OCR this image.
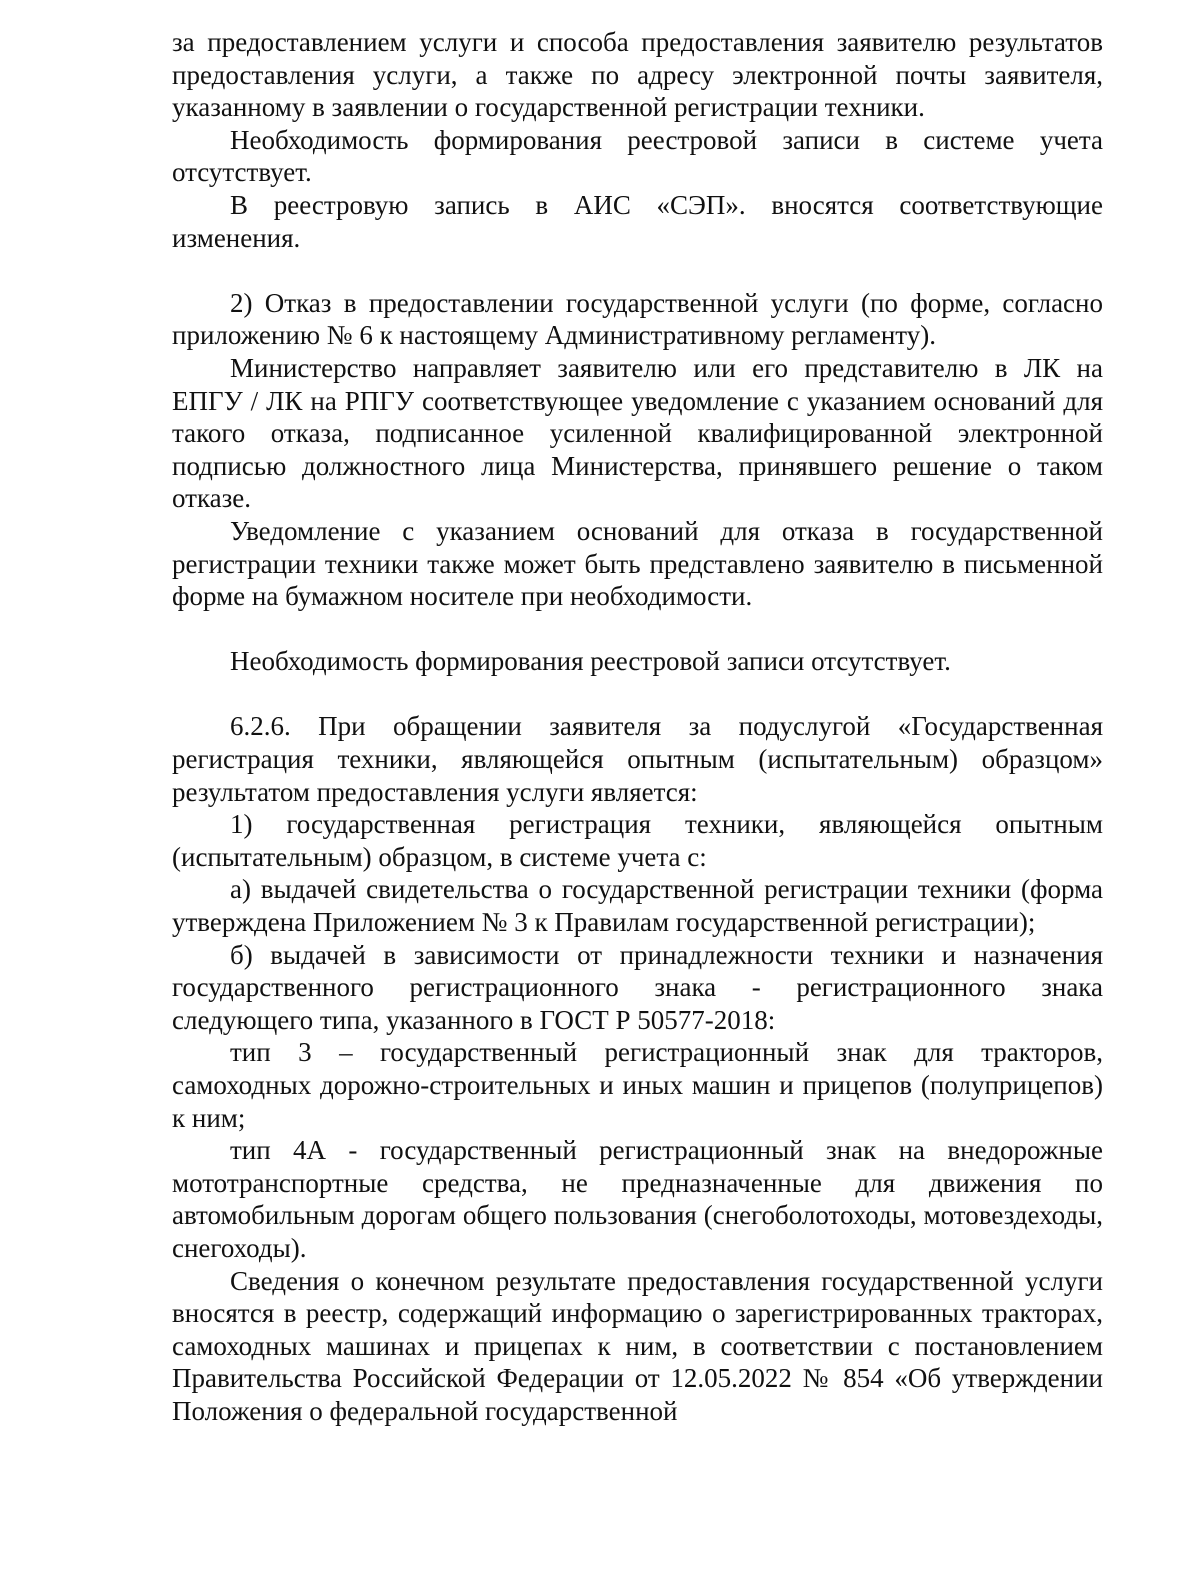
за предоставлением услуги и способа предоставления заявителю результатов предоставления услуги, а также по адресу электронной почты заявителя, указанному в заявлении о государственной регистрации техники.

Необходимость формирования реестровой записи в системе учета отсутствует.

В реестровую запись в АИС «СЭП». вносятся соответствующие изменения.

2) Отказ в предоставлении государственной услуги (по форме, согласно приложению № 6 к настоящему Административному регламенту).

Министерство направляет заявителю или его представителю в ЛК на ЕПГУ / ЛК на РПГУ соответствующее уведомление с указанием оснований для такого отказа, подписанное усиленной квалифицированной электронной подписью должностного лица Министерства, принявшего решение о таком отказе.

Уведомление с указанием оснований для отказа в государственной регистрации техники также может быть представлено заявителю в письменной форме на бумажном носителе при необходимости.

Необходимость формирования реестровой записи отсутствует.

6.2.6. При обращении заявителя за подуслугой «Государственная регистрация техники, являющейся опытным (испытательным) образцом» результатом предоставления услуги является:

1) государственная регистрация техники, являющейся опытным (испытательным) образцом, в системе учета с:

а) выдачей свидетельства о государственной регистрации техники (форма утверждена Приложением № 3 к Правилам государственной регистрации);

б) выдачей в зависимости от принадлежности техники и назначения государственного регистрационного знака - регистрационного знака следующего типа, указанного в ГОСТ Р 50577-2018:

тип 3 – государственный регистрационный знак для тракторов, самоходных дорожно-строительных и иных машин и прицепов (полуприцепов) к ним;

тип 4А - государственный регистрационный знак на внедорожные мототранспортные средства, не предназначенные для движения по автомобильным дорогам общего пользования (снегоболотоходы, мотовездеходы, снегоходы).

Сведения о конечном результате предоставления государственной услуги вносятся в реестр, содержащий информацию о зарегистрированных тракторах, самоходных машинах и прицепах к ним, в соответствии с постановлением Правительства Российской Федерации от 12.05.2022 № 854 «Об утверждении Положения о федеральной государственной
